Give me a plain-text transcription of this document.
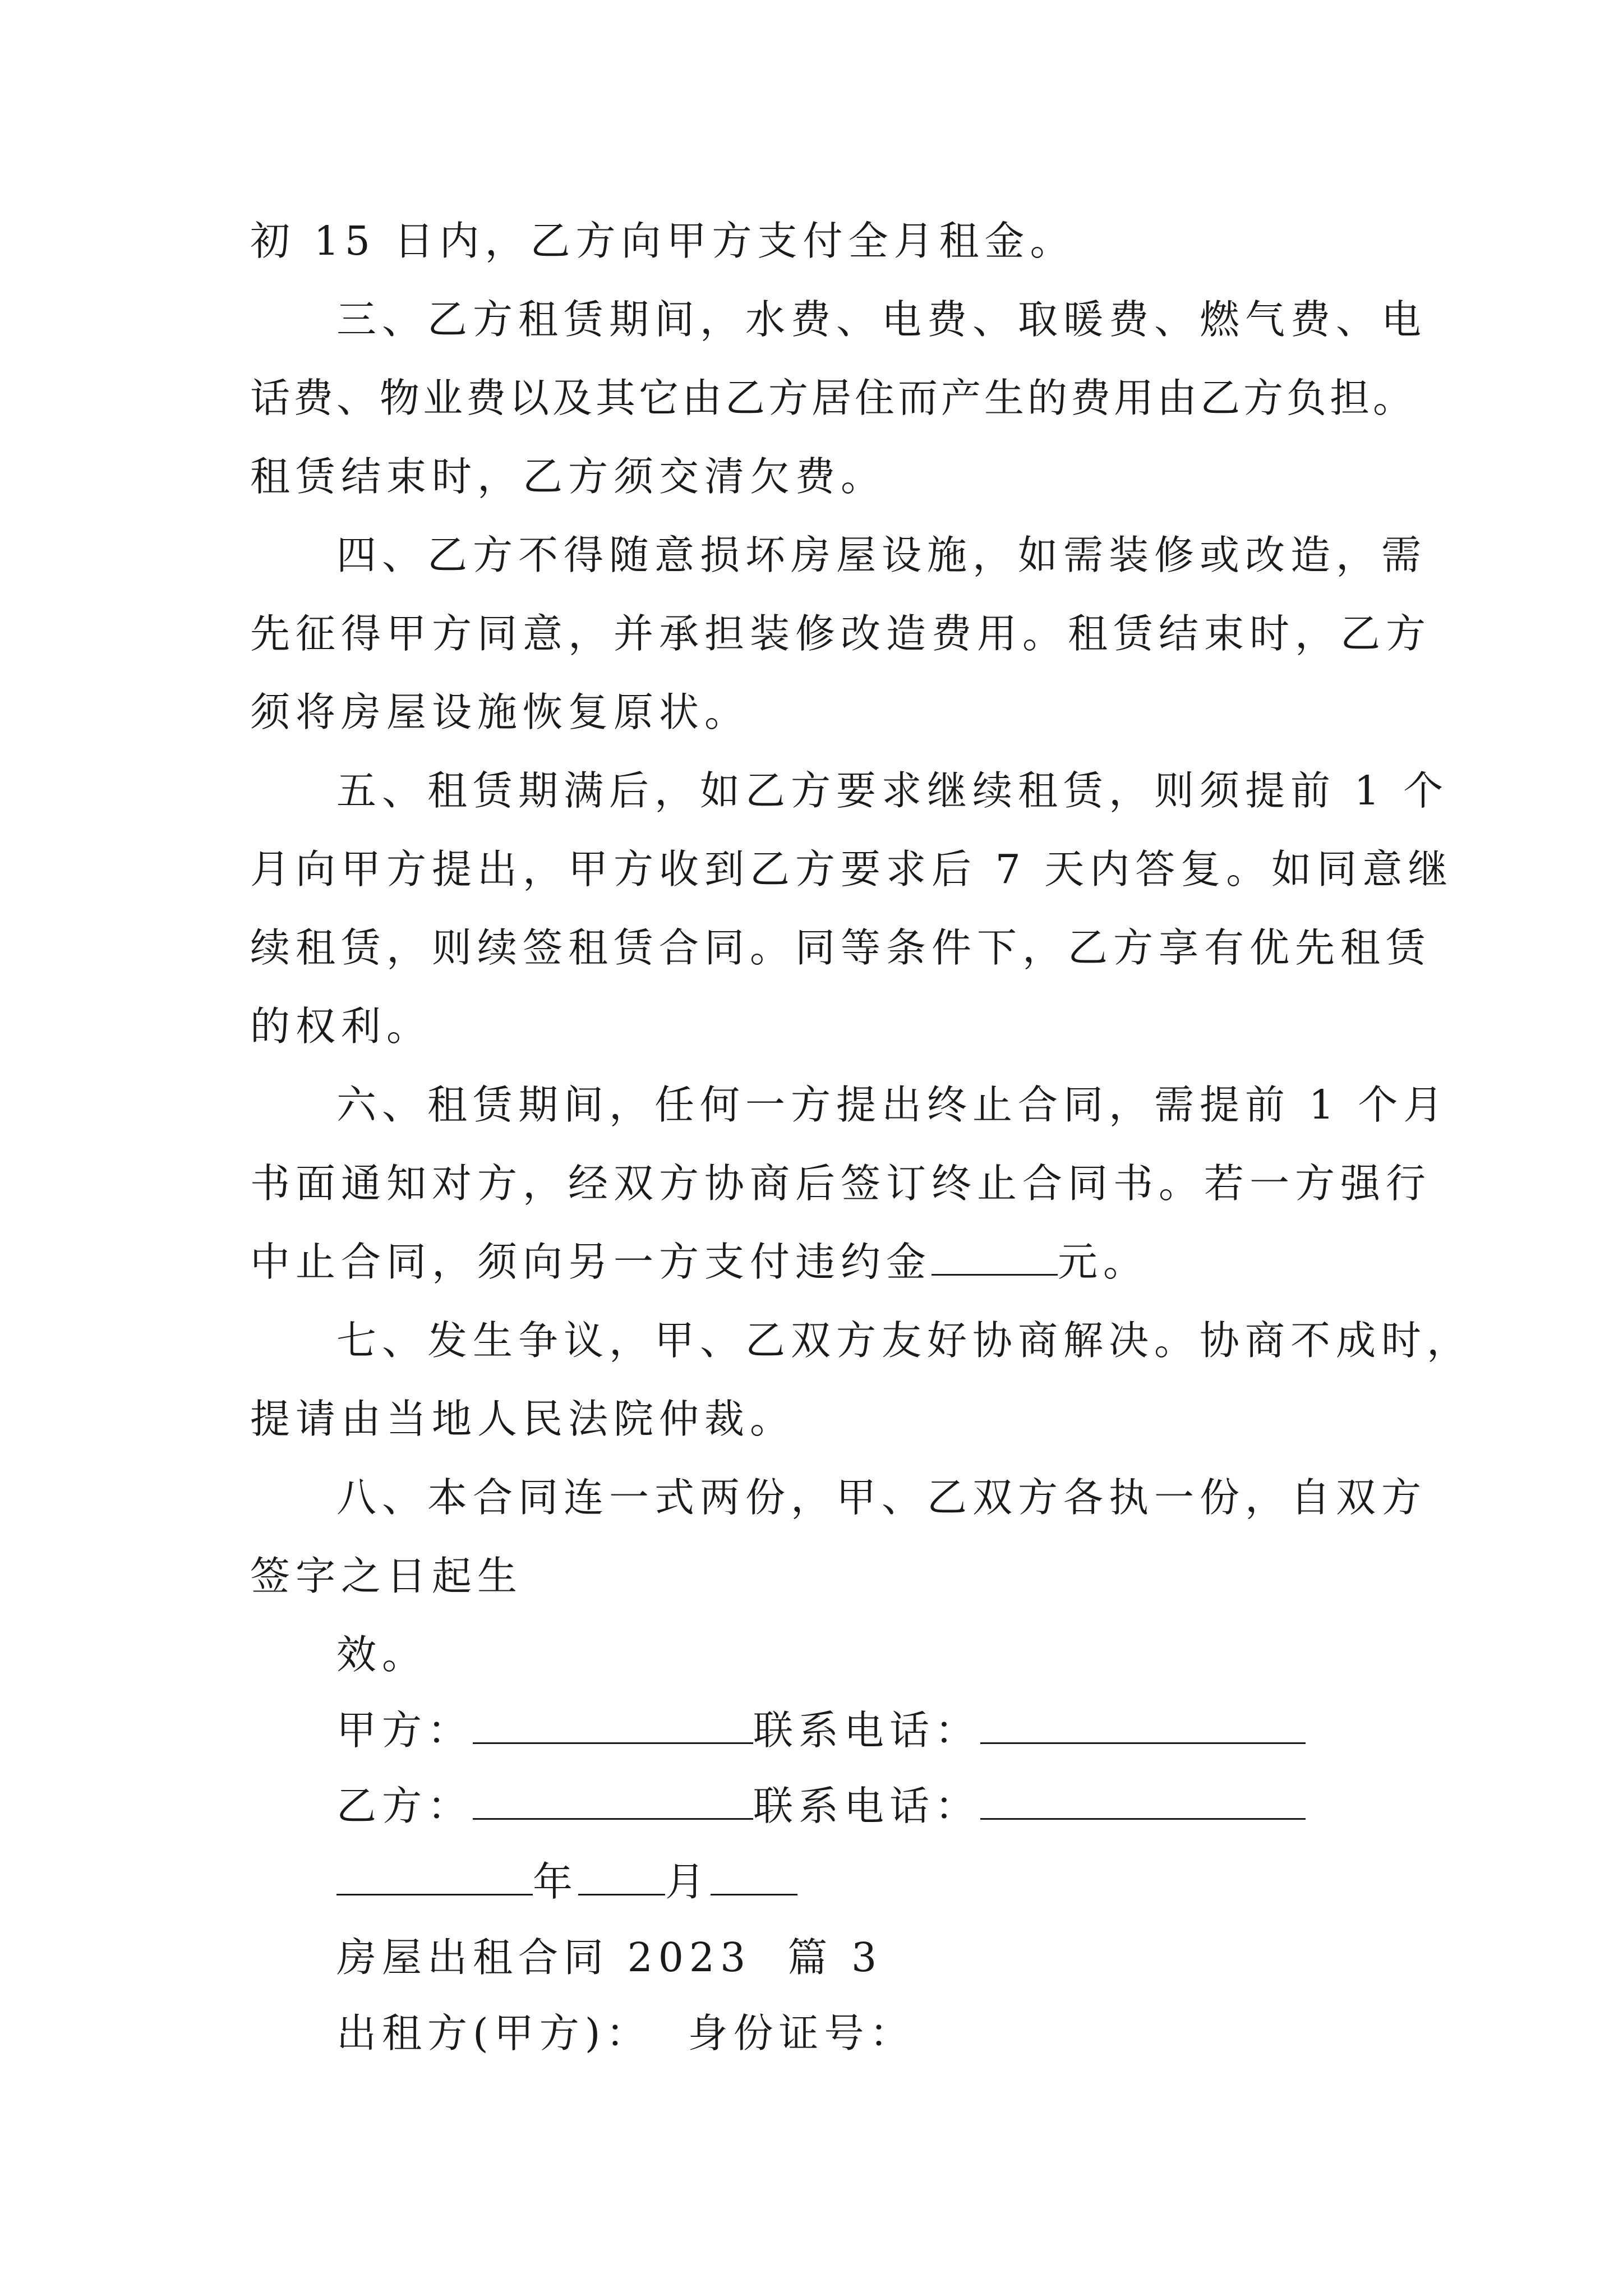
初 15 日内，乙方向甲方支付全月租金。
三、乙方租赁期间，水费、电费、取暖费、燃气费、电
话费、物业费以及其它由乙方居住而产生的费用由乙方负担。
租赁结束时，乙方须交清欠费。
四、乙方不得随意损坏房屋设施，如需装修或改造，需
先征得甲方同意，并承担装修改造费用。租赁结束时，乙方
须将房屋设施恢复原状。
五、租赁期满后，如乙方要求继续租赁，则须提前 1 个
月向甲方提出，甲方收到乙方要求后 7 天内答复。如同意继
续租赁，则续签租赁合同。同等条件下，乙方享有优先租赁
的权利。
六、租赁期间，任何一方提出终止合同，需提前 1 个月
书面通知对方，经双方协商后签订终止合同书。若一方强行
中止合同，须向另一方支付违约金	元。
七、发生争议，甲、乙双方友好协商解决。协商不成时，
提请由当地人民法院仲裁。
八、本合同连一式两份，甲、乙双方各执一份，自双方
签字之日起生
效。
甲方：	联系电话：
乙方：	联系电话：
年 月
房屋出租合同 2023  篇 3
出租方(甲方)：  身份证号：
